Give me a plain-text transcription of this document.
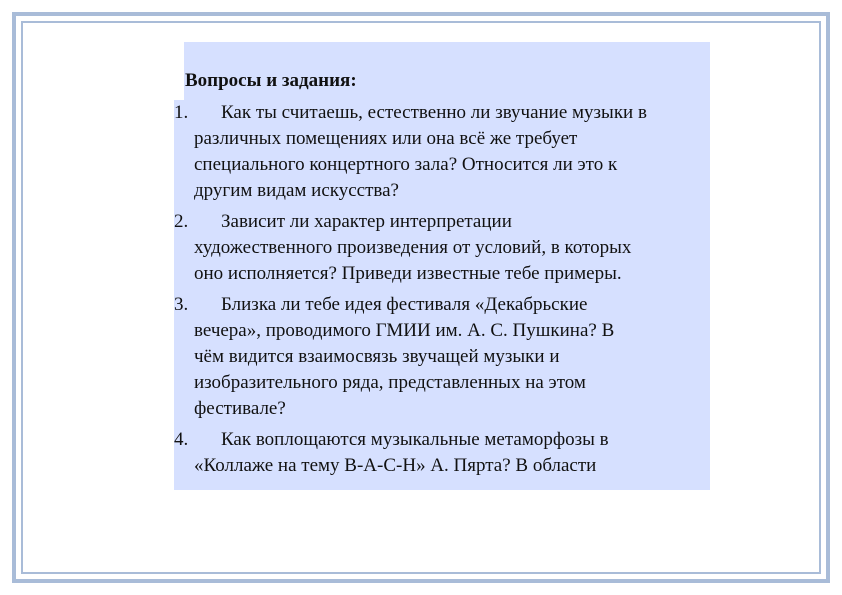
Вопросы и задания:
1.	Как ты считаешь, естественно ли звучание музыки в
различных помещениях или она всё же требует
специального концертного зала? Относится ли это к
другим видам искусства?
2.	Зависит ли характер интерпретации
художественного произведения от условий, в которых
оно исполняется? Приведи известные тебе примеры.
3.	Близка ли тебе идея фестиваля «Декабрьские
вечера», проводимого ГМИИ им. А. С. Пушкина? В
чём видится взаимосвязь звучащей музыки и
изобразительного ряда, представленных на этом
фестивале?
4.	Как воплощаются музыкальные метаморфозы в
«Коллаже на тему В-А-С-Н» А. Пярта? В области
